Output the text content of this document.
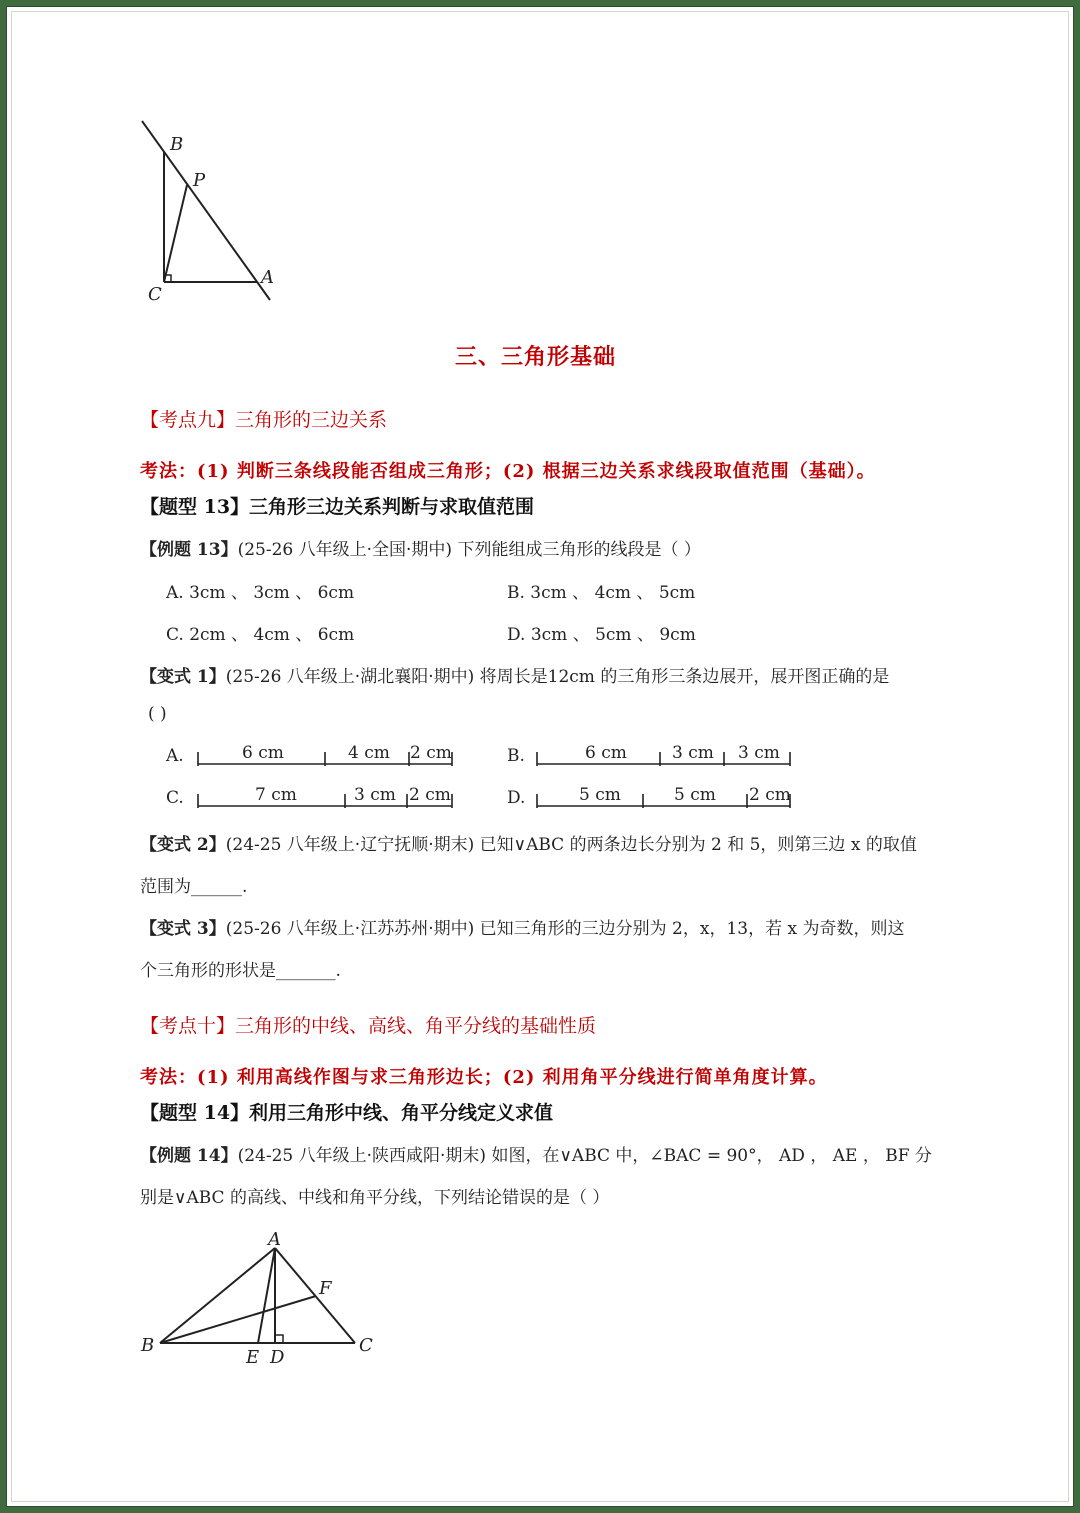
B
P
C
A
三、三角形基础
【考点九】三角形的三边关系
考法：(1) 判断三条线段能否组成三角形；(2) 根据三边关系求线段取值范围（基础）。
【题型 13】三角形三边关系判断与求取值范围
【例题 13】(25-26 八年级上·全国·期中) 下列能组成三角形的线段是（ ）
A. 3cm 、 3cm 、 6cm	B. 3cm 、 4cm 、 5cm
C. 2cm 、 4cm 、 6cm	D. 3cm 、 5cm 、 9cm
【变式 1】(25-26 八年级上·湖北襄阳·期中) 将周长是12cm 的三角形三条边展开，展开图正确的是
( )
A.	6 cm	4 cm 2 cm	B.	6 cm	3 cm 3 cm
C.	7 cm	3 cm 2 cm	D.	5 cm	5 cm 2 cm
【变式 2】(24-25 八年级上·辽宁抚顺·期末) 已知∨ABC 的两条边长分别为 2 和 5，则第三边 x 的取值
范围为______.
【变式 3】(25-26 八年级上·江苏苏州·期中) 已知三角形的三边分别为 2，x，13，若 x 为奇数，则这
个三角形的形状是_______.
【考点十】三角形的中线、高线、角平分线的基础性质
考法：(1) 利用高线作图与求三角形边长；(2) 利用角平分线进行简单角度计算。
【题型 14】利用三角形中线、角平分线定义求值
【例题 14】(24-25 八年级上·陕西咸阳·期末) 如图，在∨ABC 中，∠BAC = 90°， AD ， AE ， BF 分
别是∨ABC 的高线、中线和角平分线，下列结论错误的是（ ）
A
F
B
E D
C
